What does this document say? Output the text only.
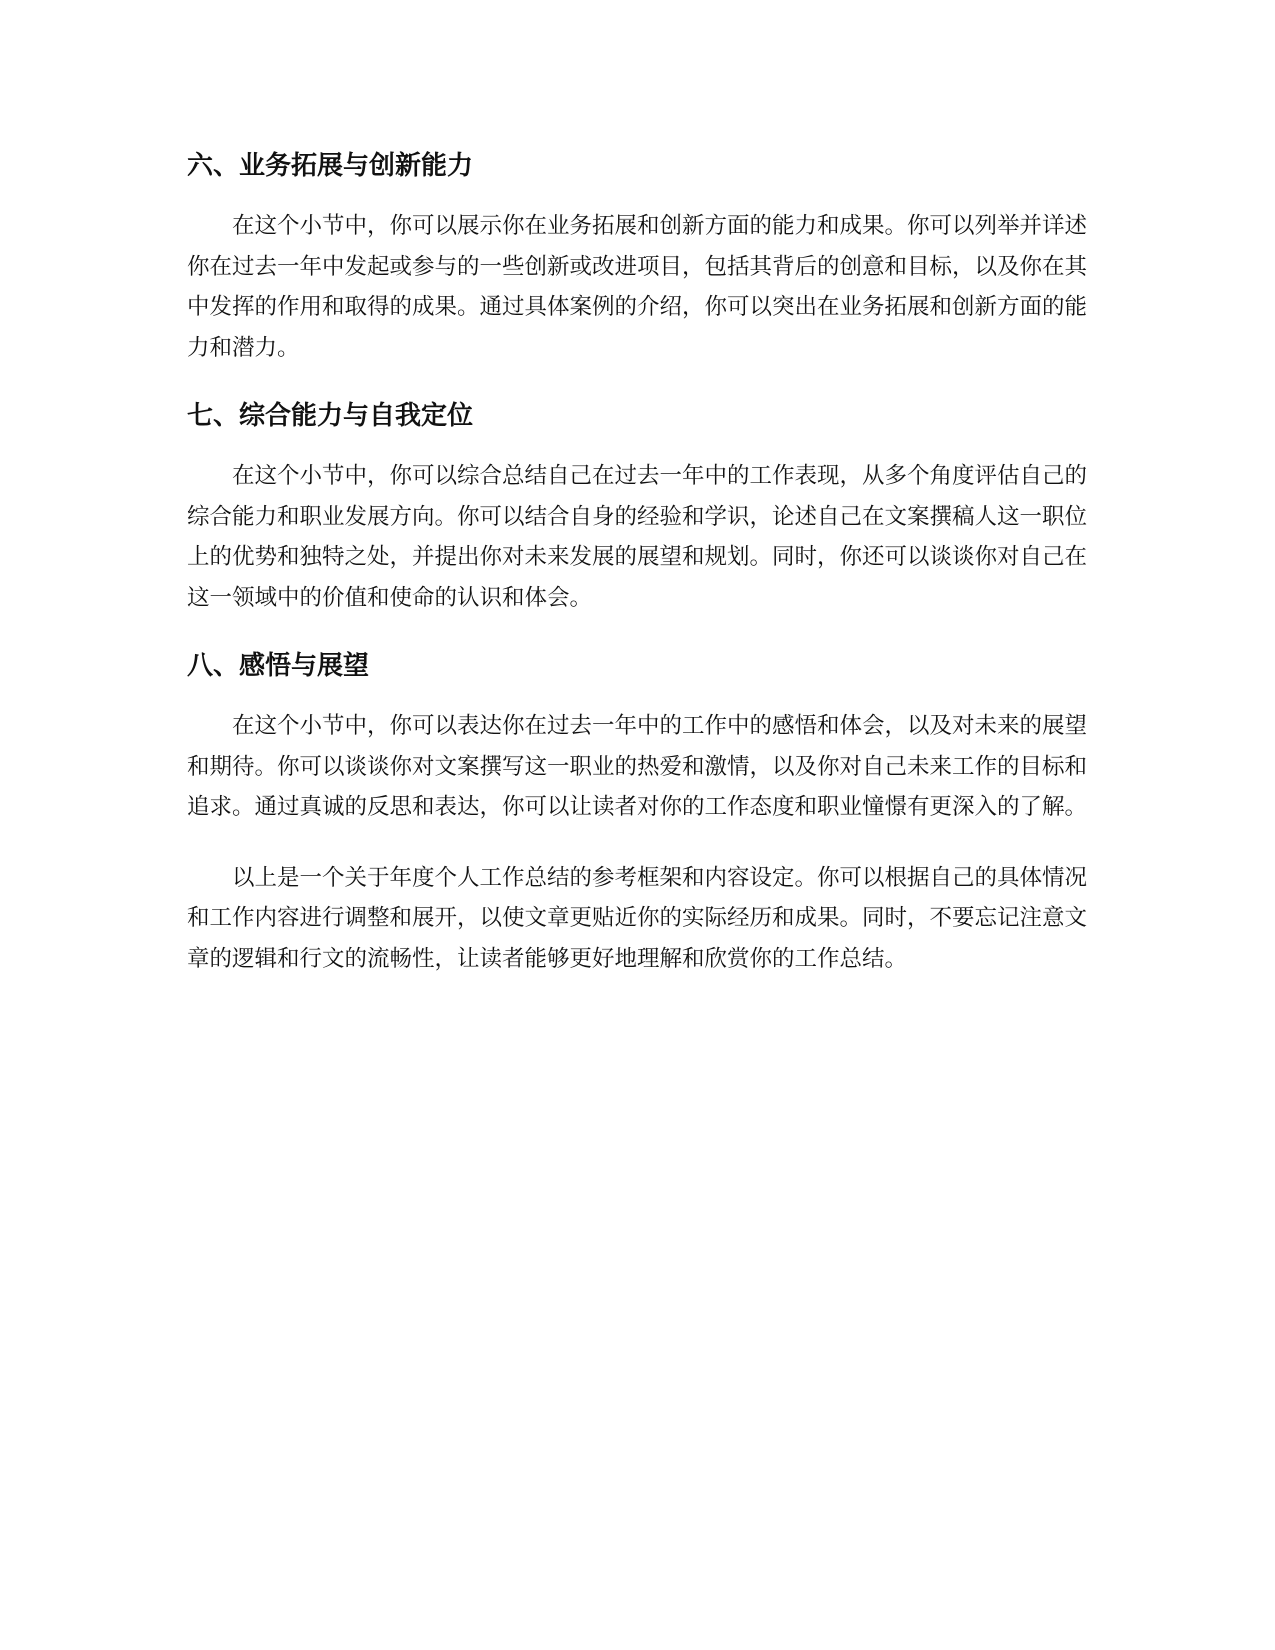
六、业务拓展与创新能力

在这个小节中，你可以展示你在业务拓展和创新方面的能力和成果。你可以列举并详述你在过去一年中发起或参与的一些创新或改进项目，包括其背后的创意和目标，以及你在其中发挥的作用和取得的成果。通过具体案例的介绍，你可以突出在业务拓展和创新方面的能力和潜力。

七、综合能力与自我定位

在这个小节中，你可以综合总结自己在过去一年中的工作表现，从多个角度评估自己的综合能力和职业发展方向。你可以结合自身的经验和学识，论述自己在文案撰稿人这一职位上的优势和独特之处，并提出你对未来发展的展望和规划。同时，你还可以谈谈你对自己在这一领域中的价值和使命的认识和体会。

八、感悟与展望

在这个小节中，你可以表达你在过去一年中的工作中的感悟和体会，以及对未来的展望和期待。你可以谈谈你对文案撰写这一职业的热爱和激情，以及你对自己未来工作的目标和追求。通过真诚的反思和表达，你可以让读者对你的工作态度和职业憧憬有更深入的了解。

以上是一个关于年度个人工作总结的参考框架和内容设定。你可以根据自己的具体情况和工作内容进行调整和展开，以使文章更贴近你的实际经历和成果。同时，不要忘记注意文章的逻辑和行文的流畅性，让读者能够更好地理解和欣赏你的工作总结。
